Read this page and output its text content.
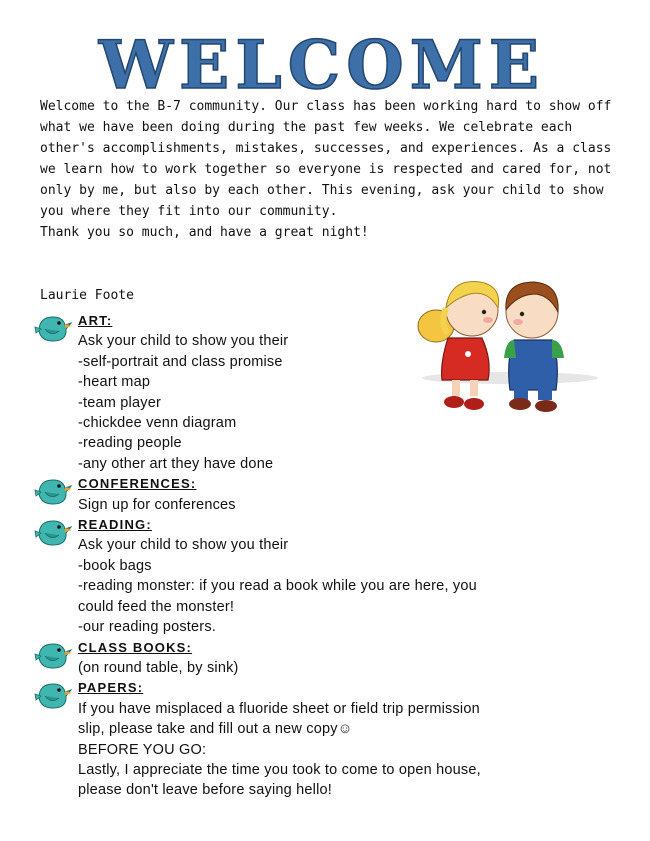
WELCOME

Welcome to the B-7 community. Our class has been working hard to show off what we have been doing during the past few weeks. We celebrate each other's accomplishments, mistakes, successes, and experiences. As a class we learn how to work together so everyone is respected and cared for, not only by me, but also by each other. This evening, ask your child to show you where they fit into our community.

Thank you so much, and have a great night!

Laurie Foote
ART:
Ask your child to show you their
-self-portrait and class promise
-heart map
-team player
-chickdee venn diagram
-reading people
-any other art they have done
CONFERENCES:
Sign up for conferences
READING:
Ask your child to show you their
-book bags
-reading monster: if you read a book while you are here, you
could feed the monster!
-our reading posters.
CLASS BOOKS:
(on round table, by sink)
PAPERS:
If you have misplaced a fluoride sheet or field trip permission
slip, please take and fill out a new copy☺
BEFORE YOU GO:
Lastly, I appreciate the time you took to come to open house,
please don't leave before saying hello!
